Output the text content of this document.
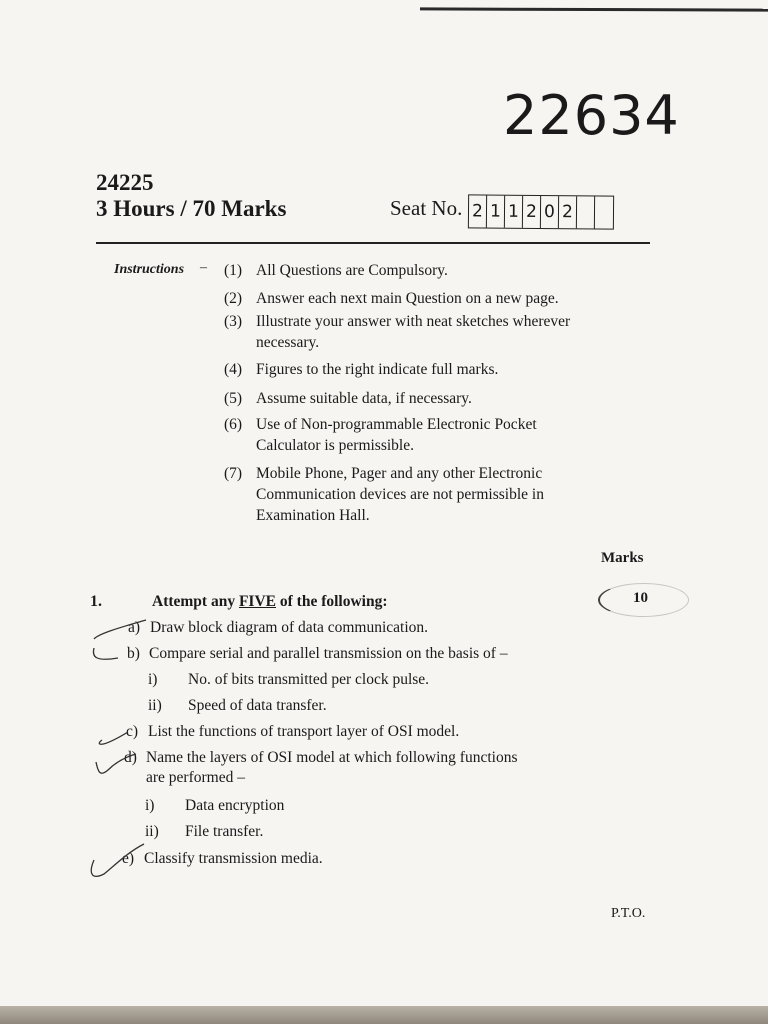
22634
24225
3 Hours / 70 Marks	Seat No. 2 1 1 2 0 2
Instructions – (1) All Questions are Compulsory.
(2) Answer each next main Question on a new page.
(3) Illustrate your answer with neat sketches wherever
necessary.
(4) Figures to the right indicate full marks.
(5) Assume suitable data, if necessary.
(6) Use of Non-programmable Electronic Pocket
Calculator is permissible.
(7) Mobile Phone, Pager and any other Electronic
Communication devices are not permissible in
Examination Hall.
Marks
1.	Attempt any FIVE of the following:	10
a) Draw block diagram of data communication.
b) Compare serial and parallel transmission on the basis of –
i) No. of bits transmitted per clock pulse.
ii) Speed of data transfer.
c) List the functions of transport layer of OSI model.
d) Name the layers of OSI model at which following functions
are performed –
i) Data encryption
ii) File transfer.
e) Classify transmission media.
P.T.O.
